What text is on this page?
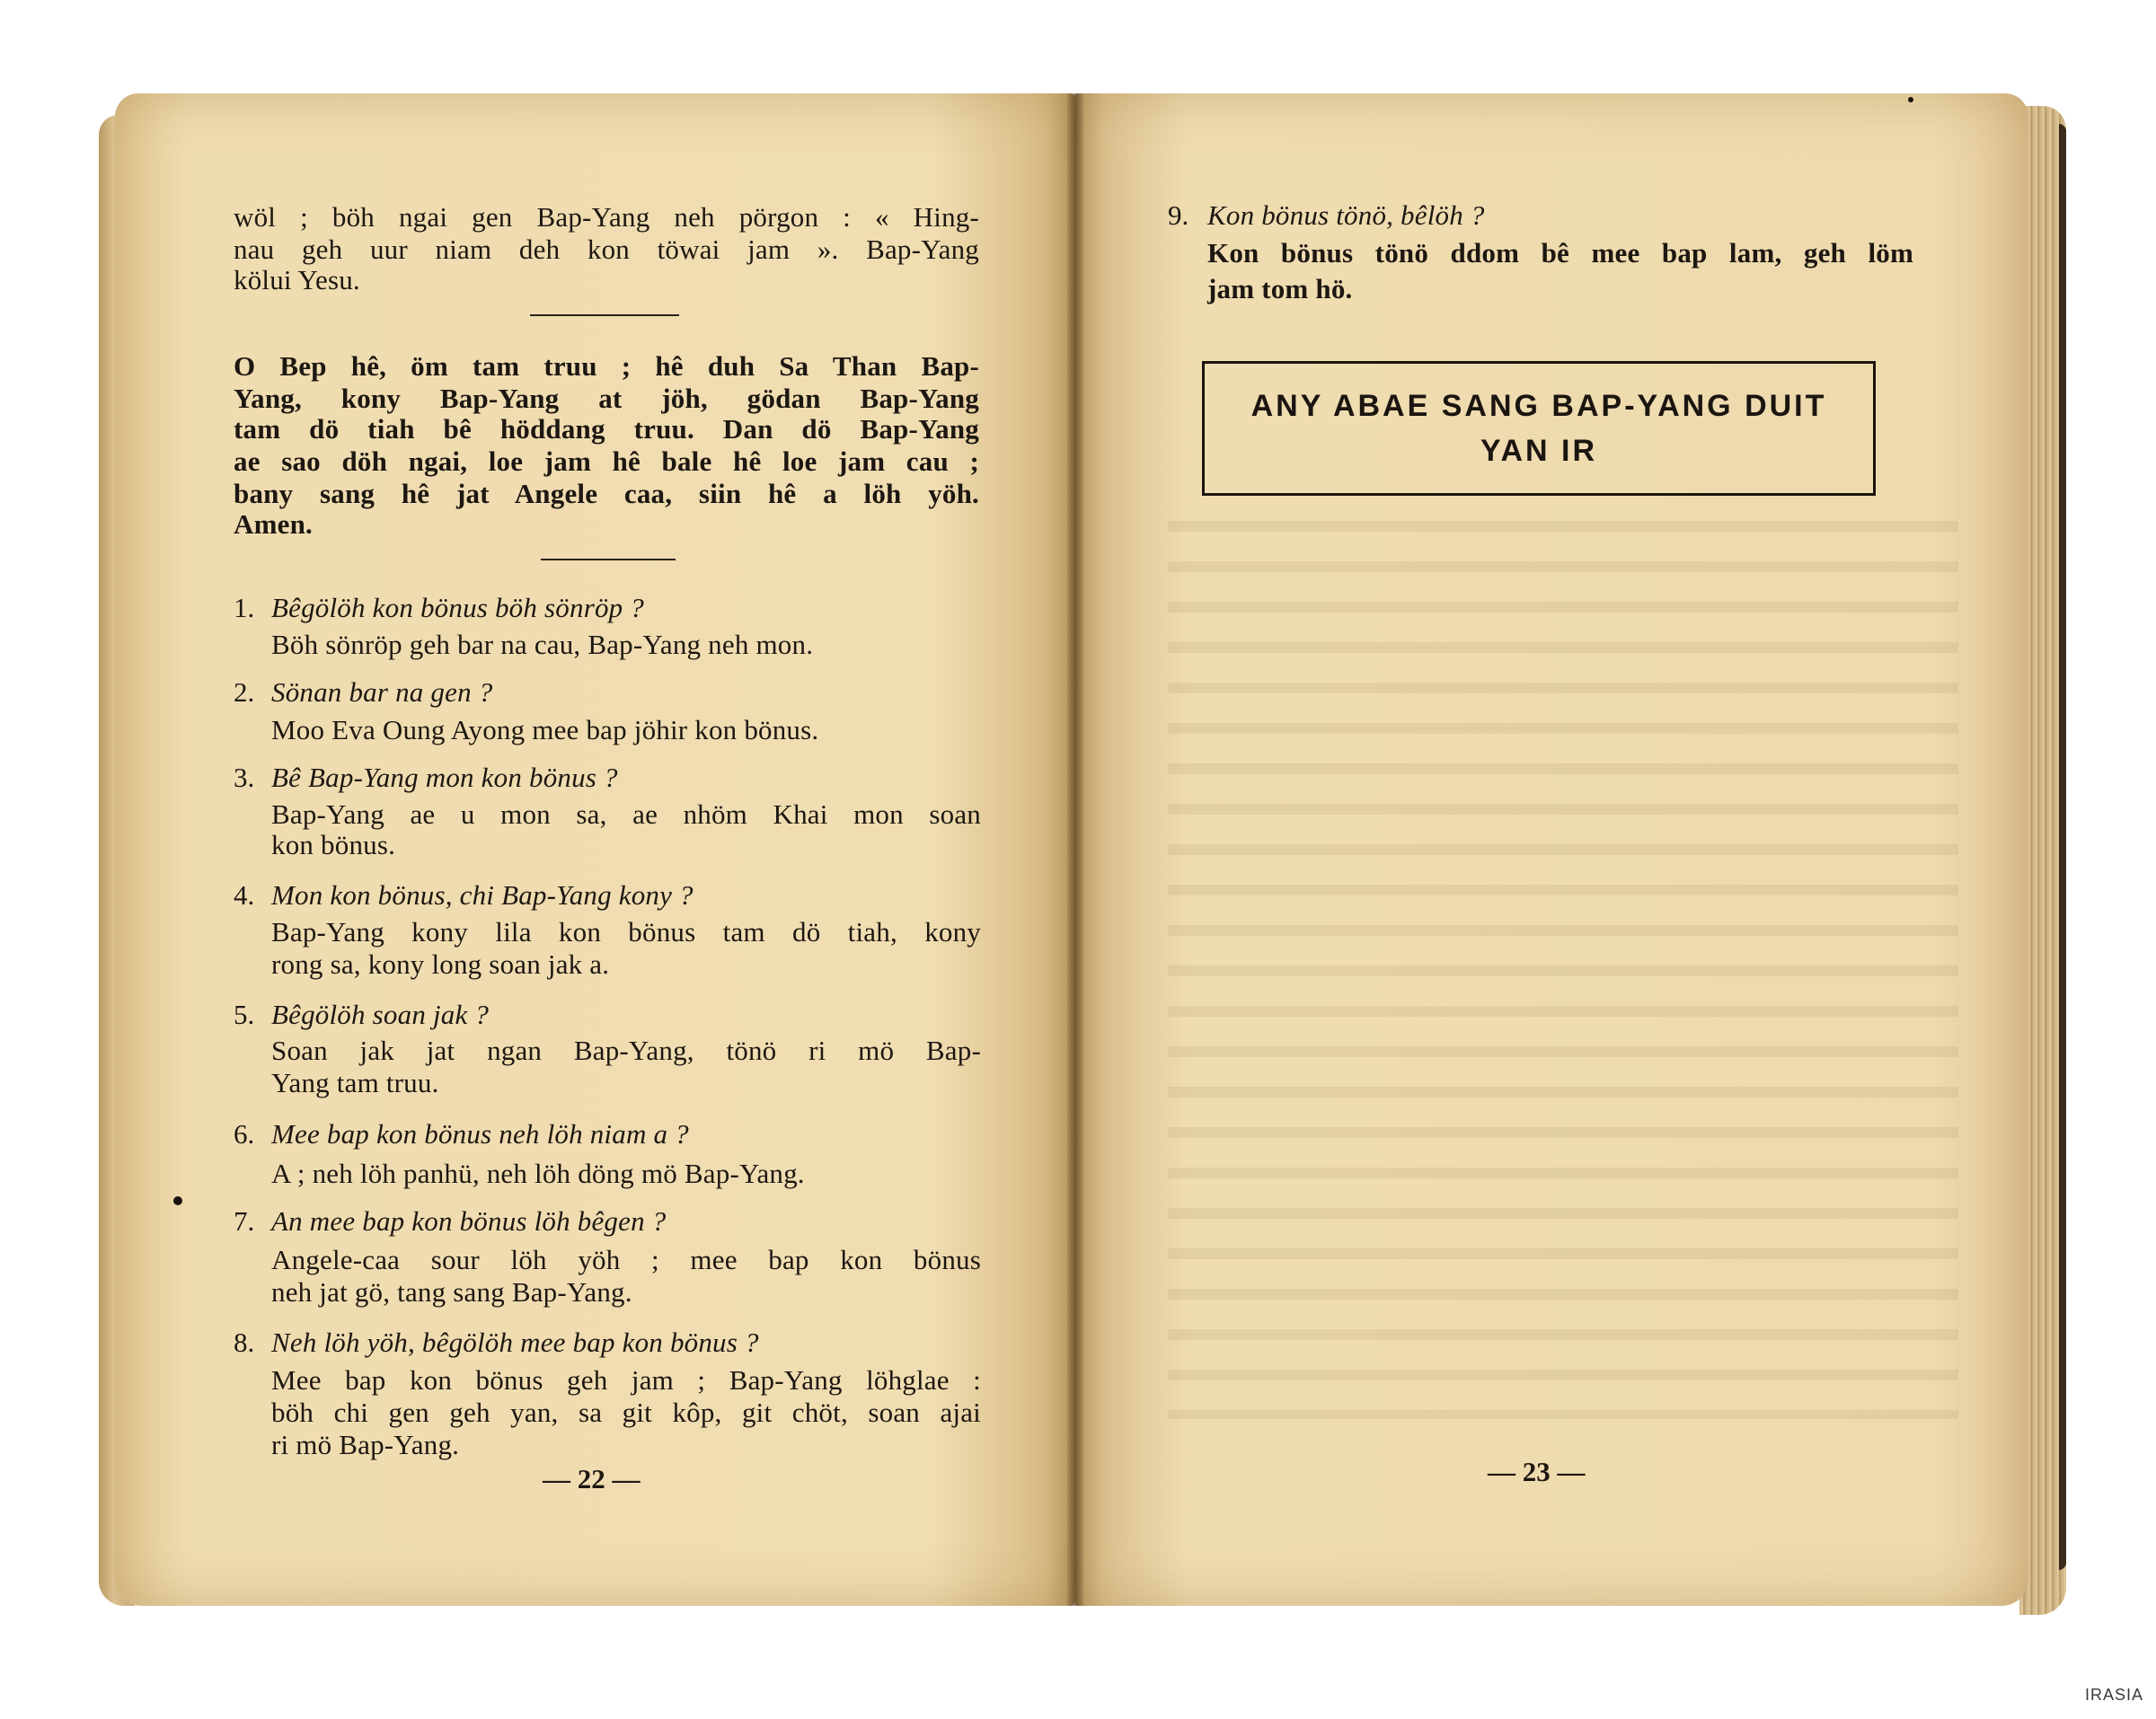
wöl ; böh ngai gen Bap-Yang neh pörgon : « Hing-
nau geh uur niam deh kon töwai jam ». Bap-Yang
kölui Yesu.
O Bep hê, öm tam truu ; hê duh Sa Than Bap-
Yang, kony Bap-Yang at jöh, gödan Bap-Yang
tam dö tiah bê höddang truu. Dan dö Bap-Yang
ae sao döh ngai, loe jam hê bale hê loe jam cau ;
bany sang hê jat Angele caa, siin hê a löh yöh.
Amen.
1. Bêgölöh kon bönus böh sönröp ?
Böh sönröp geh bar na cau, Bap-Yang neh mon.
2. Sönan bar na gen ?
Moo Eva Oung Ayong mee bap jöhir kon bönus.
3. Bê Bap-Yang mon kon bönus ?
Bap-Yang ae u mon sa, ae nhöm Khai mon soan
kon bönus.
4. Mon kon bönus, chi Bap-Yang kony ?
Bap-Yang kony lila kon bönus tam dö tiah, kony
rong sa, kony long soan jak a.
5. Bêgölöh soan jak ?
Soan jak jat ngan Bap-Yang, tönö ri mö Bap-
Yang tam truu.
6. Mee bap kon bönus neh löh niam a ?
A ; neh löh panhü, neh löh döng mö Bap-Yang.
7. An mee bap kon bönus löh bêgen ?
Angele-caa sour löh yöh ; mee bap kon bönus
neh jat gö, tang sang Bap-Yang.
8. Neh löh yöh, bêgölöh mee bap kon bönus ?
Mee bap kon bönus geh jam ; Bap-Yang löhglae :
böh chi gen geh yan, sa git kôp, git chöt, soan ajai
ri mö Bap-Yang.
— 22 —
9. Kon bönus tönö, bêlöh ?
Kon bönus tönö ddom bê mee bap lam, geh löm
jam tom hö.
ANY ABAE SANG BAP-YANG DUIT
YAN IR
— 23 —
IRASIA
